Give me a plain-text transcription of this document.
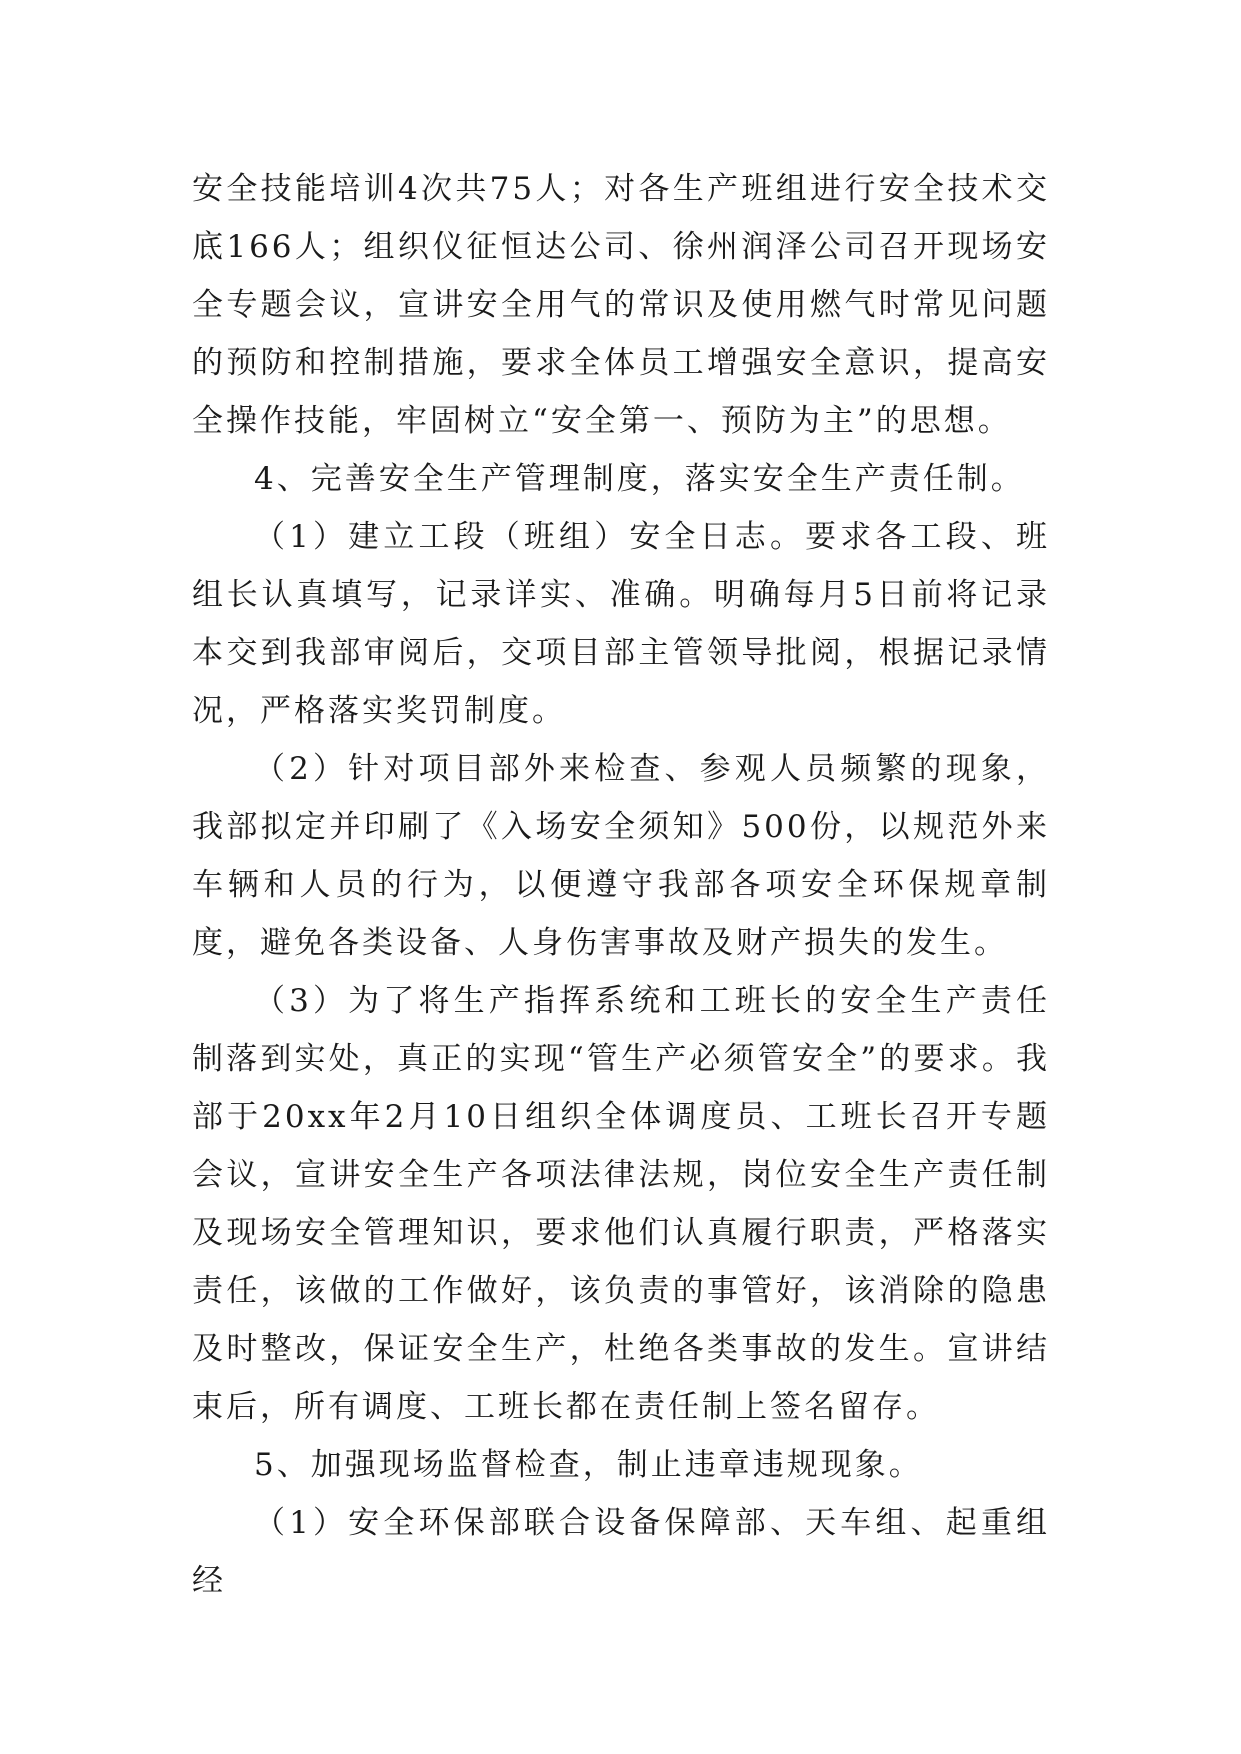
安全技能培训4次共75人；对各生产班组进行安全技术交底166人；组织仪征恒达公司、徐州润泽公司召开现场安全专题会议，宣讲安全用气的常识及使用燃气时常见问题的预防和控制措施，要求全体员工增强安全意识，提高安全操作技能，牢固树立“安全第一、预防为主”的思想。

4、完善安全生产管理制度，落实安全生产责任制。

（1）建立工段（班组）安全日志。要求各工段、班组长认真填写，记录详实、准确。明确每月5日前将记录本交到我部审阅后，交项目部主管领导批阅，根据记录情况，严格落实奖罚制度。

（2）针对项目部外来检查、参观人员频繁的现象，我部拟定并印刷了《入场安全须知》500份，以规范外来车辆和人员的行为，以便遵守我部各项安全环保规章制度，避免各类设备、人身伤害事故及财产损失的发生。

（3）为了将生产指挥系统和工班长的安全生产责任制落到实处，真正的实现“管生产必须管安全”的要求。我部于20xx年2月10日组织全体调度员、工班长召开专题会议，宣讲安全生产各项法律法规，岗位安全生产责任制及现场安全管理知识，要求他们认真履行职责，严格落实责任，该做的工作做好，该负责的事管好，该消除的隐患及时整改，保证安全生产，杜绝各类事故的发生。宣讲结束后，所有调度、工班长都在责任制上签名留存。

5、加强现场监督检查，制止违章违规现象。

（1）安全环保部联合设备保障部、天车组、起重组经
